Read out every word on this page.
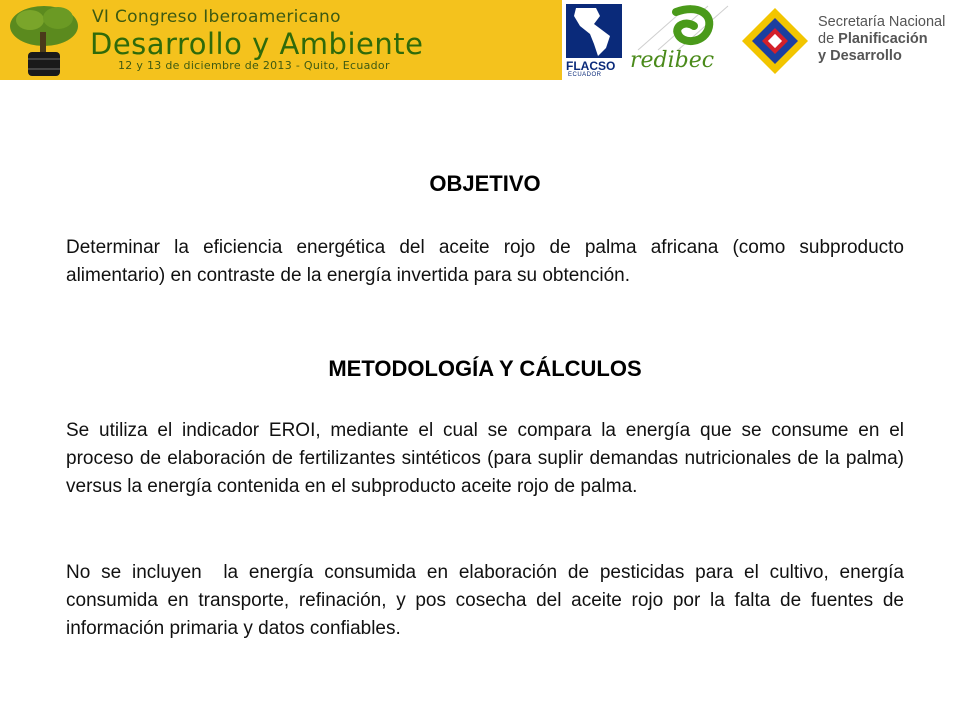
VI Congreso Iberoamericano
Desarrollo y Ambiente
12 y 13 de diciembre de 2013 - Quito, Ecuador	FLACSO
ECUADOR
redibec
Secretaría Nacional
de Planificación
y Desarrollo
OBJETIVO

Determinar la eficiencia energética del aceite rojo de palma africana (como subproducto alimentario) en contraste de la energía invertida para su obtención.

METODOLOGÍA Y CÁLCULOS

Se utiliza el indicador EROI, mediante el cual se compara la energía que se consume en el proceso de elaboración de fertilizantes sintéticos (para suplir demandas nutricionales de la palma) versus la energía contenida en el subproducto aceite rojo de palma.

No se incluyen  la energía consumida en elaboración de pesticidas para el cultivo, energía consumida en transporte, refinación, y pos cosecha del aceite rojo por la falta de fuentes de información primaria y datos confiables.
